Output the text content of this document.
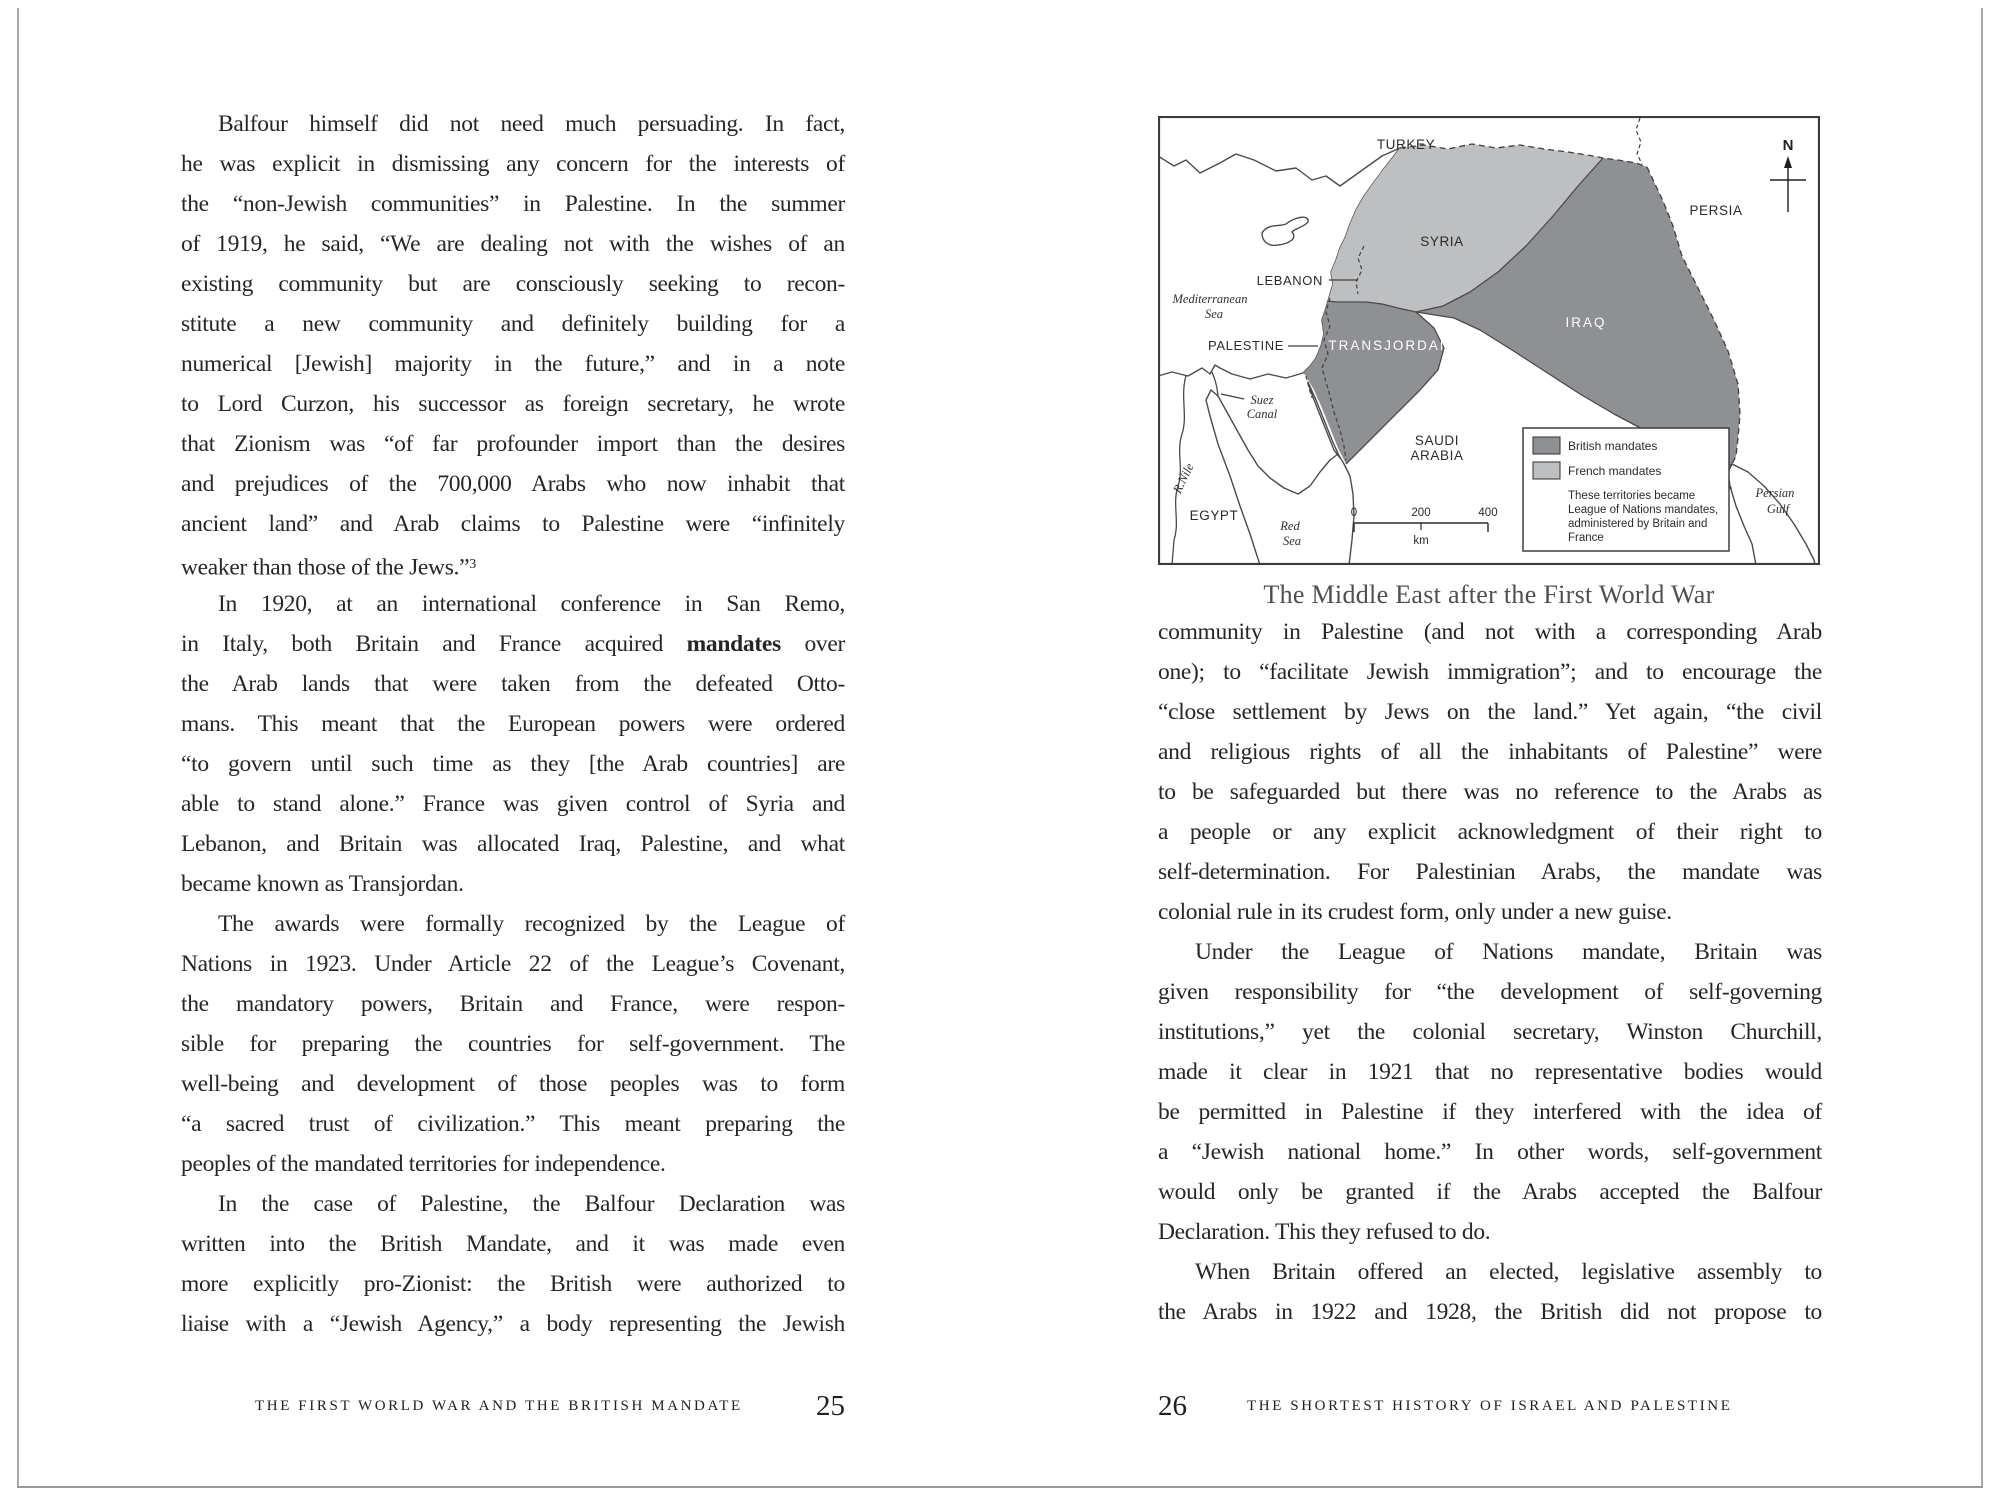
Balfour himself did not need much persuading. In fact,
he was explicit in dismissing any concern for the interests of
the “non-Jewish communities” in Palestine. In the summer
of 1919, he said, “We are dealing not with the wishes of an
existing community but are consciously seeking to recon-
stitute a new community and definitely building for a
numerical [Jewish] majority in the future,” and in a note
to Lord Curzon, his successor as foreign secretary, he wrote
that Zionism was “of far profounder import than the desires
and prejudices of the 700,000 Arabs who now inhabit that
ancient land” and Arab claims to Palestine were “infinitely
weaker than those of the Jews.”$^3$
In 1920, at an international conference in San Remo,
in Italy, both Britain and France acquired mandates over
the Arab lands that were taken from the defeated Otto-
mans. This meant that the European powers were ordered
“to govern until such time as they [the Arab countries] are
able to stand alone.” France was given control of Syria and
Lebanon, and Britain was allocated Iraq, Palestine, and what
became known as Transjordan.
The awards were formally recognized by the League of
Nations in 1923. Under Article 22 of the League’s Covenant,
the mandatory powers, Britain and France, were respon-
sible for preparing the countries for self-government. The
well-being and development of those peoples was to form
“a sacred trust of civilization.” This meant preparing the
peoples of the mandated territories for independence.
In the case of Palestine, the Balfour Declaration was
written into the British Mandate, and it was made even
more explicitly pro-Zionist: the British were authorized to
liaise with a “Jewish Agency,” a body representing the Jewish
THE FIRST WORLD WAR AND THE BRITISH MANDATE	25
N
TURKEY
PERSIA
SYRIA
LEBANON
PALESTINE	TRANSJORDAN
IRAQ
SAUDI
ARABIA
EGYPT
Mediterranean
Sea
Suez
Canal
R.Nile
Red
Sea
Persian
Gulf
0	200	400
km
British mandates
French mandates
These territories became
League of Nations mandates,
administered by Britain and
France
The Middle East after the First World War
community in Palestine (and not with a corresponding Arab
one); to “facilitate Jewish immigration”; and to encourage the
“close settlement by Jews on the land.” Yet again, “the civil
and religious rights of all the inhabitants of Palestine” were
to be safeguarded but there was no reference to the Arabs as
a people or any explicit acknowledgment of their right to
self-determination. For Palestinian Arabs, the mandate was
colonial rule in its crudest form, only under a new guise.
Under the League of Nations mandate, Britain was
given responsibility for “the development of self-governing
institutions,” yet the colonial secretary, Winston Churchill,
made it clear in 1921 that no representative bodies would
be permitted in Palestine if they interfered with the idea of
a “Jewish national home.” In other words, self-government
would only be granted if the Arabs accepted the Balfour
Declaration. This they refused to do.
When Britain offered an elected, legislative assembly to
the Arabs in 1922 and 1928, the British did not propose to
26	THE SHORTEST HISTORY OF ISRAEL AND PALESTINE
